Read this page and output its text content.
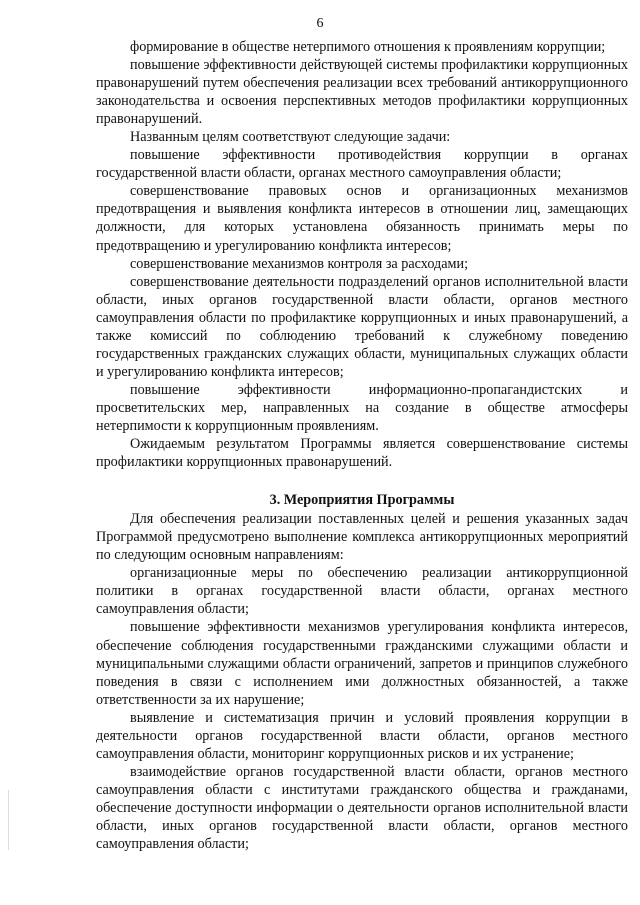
6

формирование в обществе нетерпимого отношения к проявлениям коррупции;

повышение эффективности действующей системы профилактики коррупционных правонарушений путем обеспечения реализации всех требований антикоррупционного законодательства и освоения перспективных методов профилактики коррупционных правонарушений.

Названным целям соответствуют следующие задачи:

повышение эффективности противодействия коррупции в органах государственной власти области, органах местного самоуправления области;

совершенствование правовых основ и организационных механизмов предотвращения и выявления конфликта интересов в отношении лиц, замещающих должности, для которых установлена обязанность принимать меры по предотвращению и урегулированию конфликта интересов;

совершенствование механизмов контроля за расходами;

совершенствование деятельности подразделений органов исполнительной власти области, иных органов государственной власти области, органов местного самоуправления области по профилактике коррупционных и иных правонарушений, а также комиссий по соблюдению требований к служебному поведению государственных гражданских служащих области, муниципальных служащих области и урегулированию конфликта интересов;

повышение эффективности информационно-пропагандистских и просветительских мер, направленных на создание в обществе атмосферы нетерпимости к коррупционным проявлениям.

Ожидаемым результатом Программы является совершенствование системы профилактики коррупционных правонарушений.

3. Мероприятия Программы

Для обеспечения реализации поставленных целей и решения указанных задач Программой предусмотрено выполнение комплекса антикоррупционных мероприятий по следующим основным направлениям:

организационные меры по обеспечению реализации антикоррупционной политики в органах государственной власти области, органах местного самоуправления области;

повышение эффективности механизмов урегулирования конфликта интересов, обеспечение соблюдения государственными гражданскими служащими области и муниципальными служащими области ограничений, запретов и принципов служебного поведения в связи с исполнением ими должностных обязанностей, а также ответственности за их нарушение;

выявление и систематизация причин и условий проявления коррупции в деятельности органов государственной власти области, органов местного самоуправления области, мониторинг коррупционных рисков и их устранение;

взаимодействие органов государственной власти области, органов местного самоуправления области с институтами гражданского общества и гражданами, обеспечение доступности информации о деятельности органов исполнительной власти области, иных органов государственной власти области, органов местного самоуправления области;
